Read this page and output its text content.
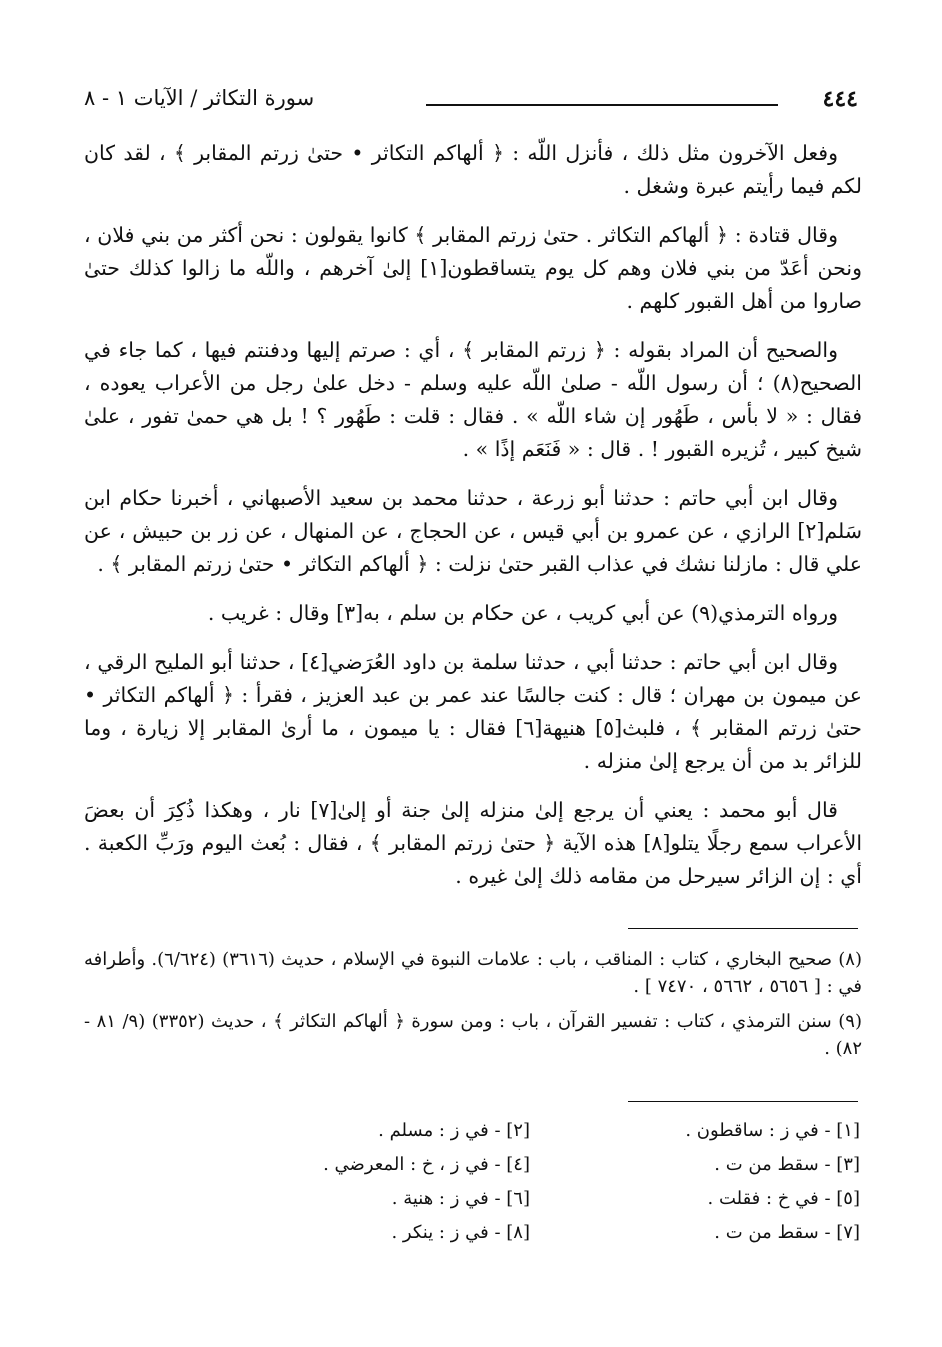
٤٤٤
سورة التكاثر / الآيات ١ - ٨

وفعل الآخرون مثل ذلك ، فأنزل اللّه : ﴿ ألهاكم التكاثر • حتىٰ زرتم المقابر ﴾ ، لقد كان لكم فيما رأيتم عبرة وشغل .

وقال قتادة : ﴿ ألهاكم التكاثر . حتىٰ زرتم المقابر ﴾ كانوا يقولون : نحن أكثر من بني فلان ، ونحن أعَدّ من بني فلان وهم كل يوم يتساقطون[١] إلىٰ آخرهم ، واللّه ما زالوا كذلك حتىٰ صاروا من أهل القبور كلهم .

والصحيح أن المراد بقوله : ﴿ زرتم المقابر ﴾ ، أي : صرتم إليها ودفنتم فيها ، كما جاء في الصحيح(٨) ؛ أن رسول اللّه - صلىٰ اللّه عليه وسلم - دخل علىٰ رجل من الأعراب يعوده ، فقال : « لا بأس ، طَهُور إن شاء اللّه » . فقال : قلت : طَهُور ؟ ! بل هي حمىٰ تفور ، علىٰ شيخ كبير ، تُزيره القبور ! . قال : « فَنَعَم إذًا » .

وقال ابن أبي حاتم : حدثنا أبو زرعة ، حدثنا محمد بن سعيد الأصبهاني ، أخبرنا حكام ابن سَلم[٢] الرازي ، عن عمرو بن أبي قيس ، عن الحجاج ، عن المنهال ، عن زر بن حبيش ، عن علي قال : مازلنا نشك في عذاب القبر حتىٰ نزلت : ﴿ ألهاكم التكاثر • حتىٰ زرتم المقابر ﴾ .

ورواه الترمذي(٩) عن أبي كريب ، عن حكام بن سلم ، به[٣] وقال : غريب .

وقال ابن أبي حاتم : حدثنا أبي ، حدثنا سلمة بن داود العُرَضي[٤] ، حدثنا أبو المليح الرقي ، عن ميمون بن مهران ؛ قال : كنت جالسًا عند عمر بن عبد العزيز ، فقرأ : ﴿ ألهاكم التكاثر • حتىٰ زرتم المقابر ﴾ ، فلبث[٥] هنيهة[٦] فقال : يا ميمون ، ما أرىٰ المقابر إلا زيارة ، وما للزائر بد من أن يرجع إلىٰ منزله .

قال أبو محمد : يعني أن يرجع إلىٰ منزله إلىٰ جنة أو إلىٰ[٧] نار ، وهكذا ذُكِرَ أن بعضَ الأعراب سمع رجلًا يتلو[٨] هذه الآية ﴿ حتىٰ زرتم المقابر ﴾ ، فقال : بُعث اليوم ورَبِّ الكعبة . أي : إن الزائر سيرحل من مقامه ذلك إلىٰ غيره .

(٨) صحيح البخاري ، كتاب : المناقب ، باب : علامات النبوة في الإسلام ، حديث (٣٦١٦) (٦/٦٢٤). وأطرافه في : [ ٥٦٥٦ ، ٥٦٦٢ ، ٧٤٧٠ ] .

(٩) سنن الترمذي ، كتاب : تفسير القرآن ، باب : ومن سورة ﴿ ألهاكم التكاثر ﴾ ، حديث (٣٣٥٢) (٩/ ٨١ - ٨٢) .

[١] - في ز : ساقطون .
[٢] - في ز : مسلم .
[٣] - سقط من ت .
[٤] - في ز ، خ : المعرضي .
[٥] - في خ : فقلت .
[٦] - في ز : هنية .
[٧] - سقط من ت .
[٨] - في ز : ينكر .
